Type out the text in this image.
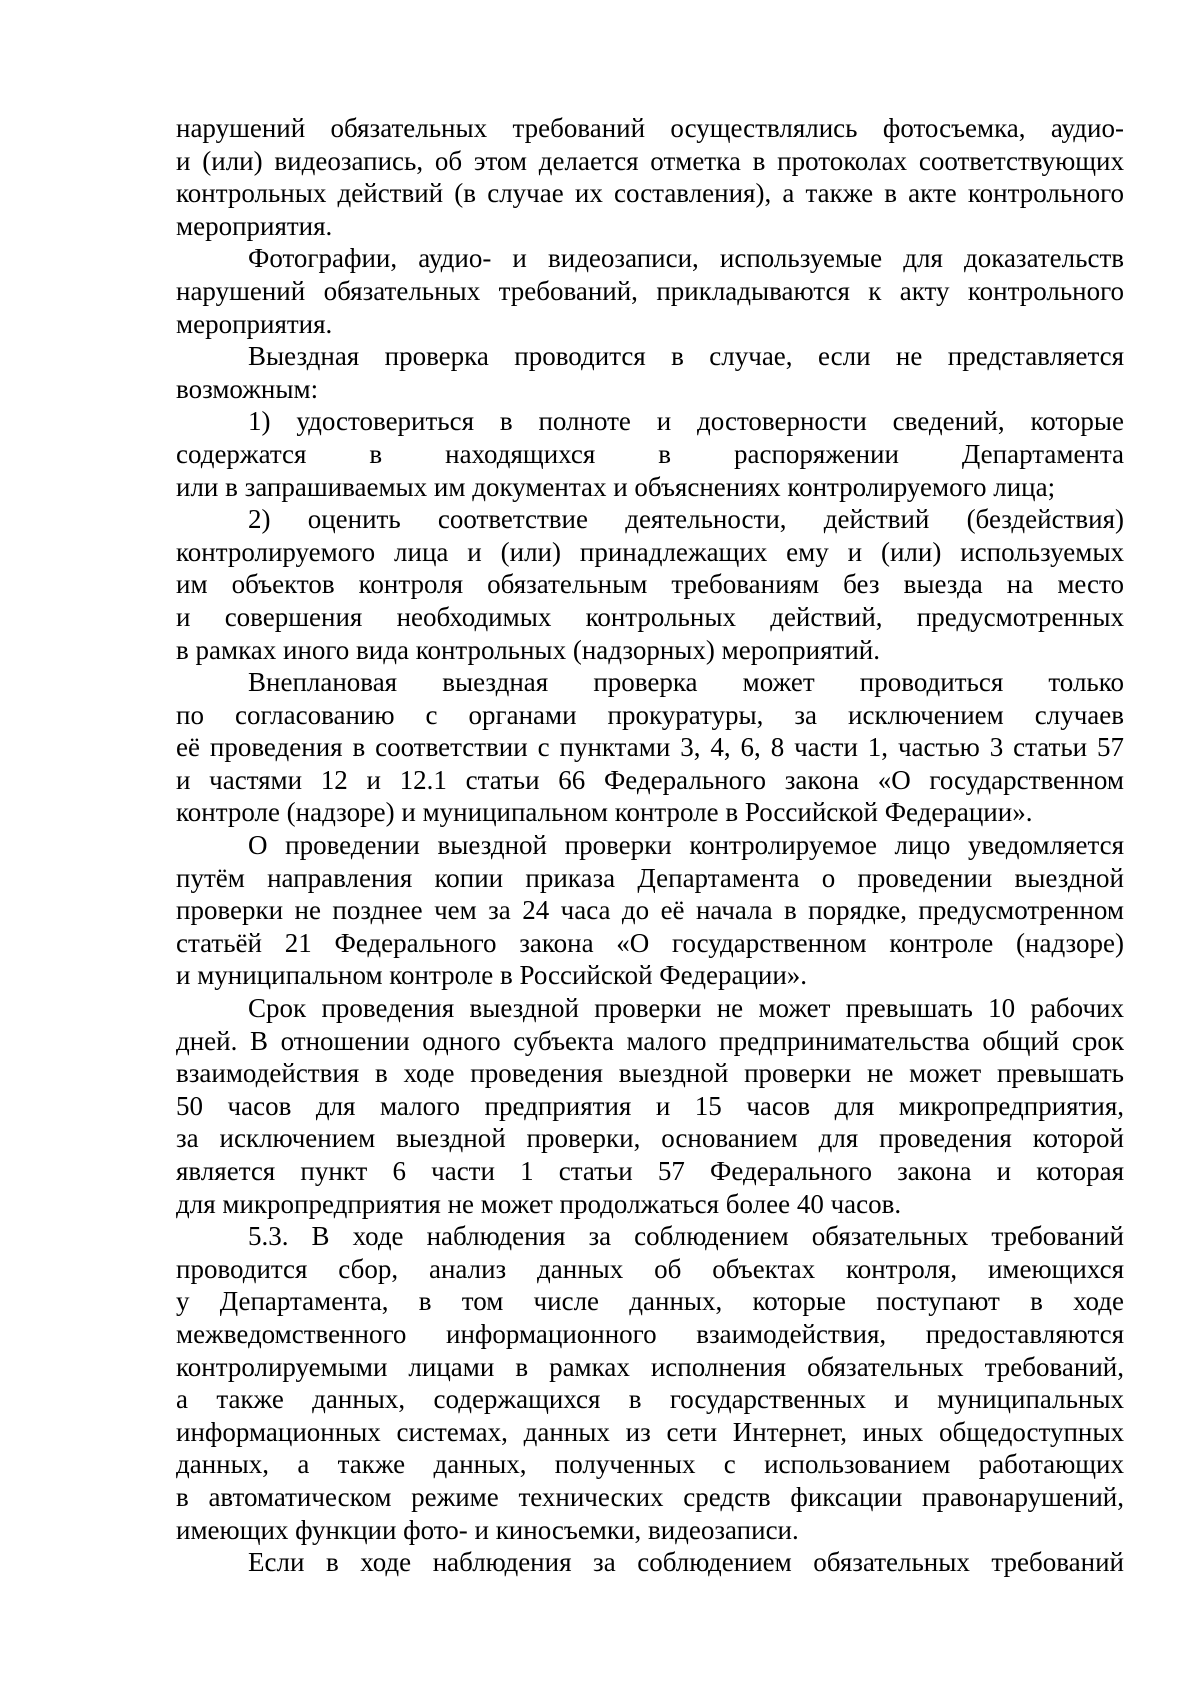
нарушений обязательных требований осуществлялись фотосъемка, аудио-
и (или) видеозапись, об этом делается отметка в протоколах соответствующих
контрольных действий (в случае их составления), а также в акте контрольного
мероприятия.
Фотографии, аудио- и видеозаписи, используемые для доказательств
нарушений обязательных требований, прикладываются к акту контрольного
мероприятия.
Выездная проверка проводится в случае, если не представляется
возможным:
1) удостовериться в полноте и достоверности сведений, которые
содержатся в находящихся в распоряжении Департамента
или в запрашиваемых им документах и объяснениях контролируемого лица;
2) оценить соответствие деятельности, действий (бездействия)
контролируемого лица и (или) принадлежащих ему и (или) используемых
им объектов контроля обязательным требованиям без выезда на место
и совершения необходимых контрольных действий, предусмотренных
в рамках иного вида контрольных (надзорных) мероприятий.
Внеплановая выездная проверка может проводиться только
по согласованию с органами прокуратуры, за исключением случаев
её проведения в соответствии с пунктами 3, 4, 6, 8 части 1, частью 3 статьи 57
и частями 12 и 12.1 статьи 66 Федерального закона «О государственном
контроле (надзоре) и муниципальном контроле в Российской Федерации».
О проведении выездной проверки контролируемое лицо уведомляется
путём направления копии приказа Департамента о проведении выездной
проверки не позднее чем за 24 часа до её начала в порядке, предусмотренном
статьёй 21 Федерального закона «О государственном контроле (надзоре)
и муниципальном контроле в Российской Федерации».
Срок проведения выездной проверки не может превышать 10 рабочих
дней. В отношении одного субъекта малого предпринимательства общий срок
взаимодействия в ходе проведения выездной проверки не может превышать
50 часов для малого предприятия и 15 часов для микропредприятия,
за исключением выездной проверки, основанием для проведения которой
является пункт 6 части 1 статьи 57 Федерального закона и которая
для микропредприятия не может продолжаться более 40 часов.
5.3. В ходе наблюдения за соблюдением обязательных требований
проводится сбор, анализ данных об объектах контроля, имеющихся
у Департамента, в том числе данных, которые поступают в ходе
межведомственного информационного взаимодействия, предоставляются
контролируемыми лицами в рамках исполнения обязательных требований,
а также данных, содержащихся в государственных и муниципальных
информационных системах, данных из сети Интернет, иных общедоступных
данных, а также данных, полученных с использованием работающих
в автоматическом режиме технических средств фиксации правонарушений,
имеющих функции фото- и киносъемки, видеозаписи.
Если в ходе наблюдения за соблюдением обязательных требований
